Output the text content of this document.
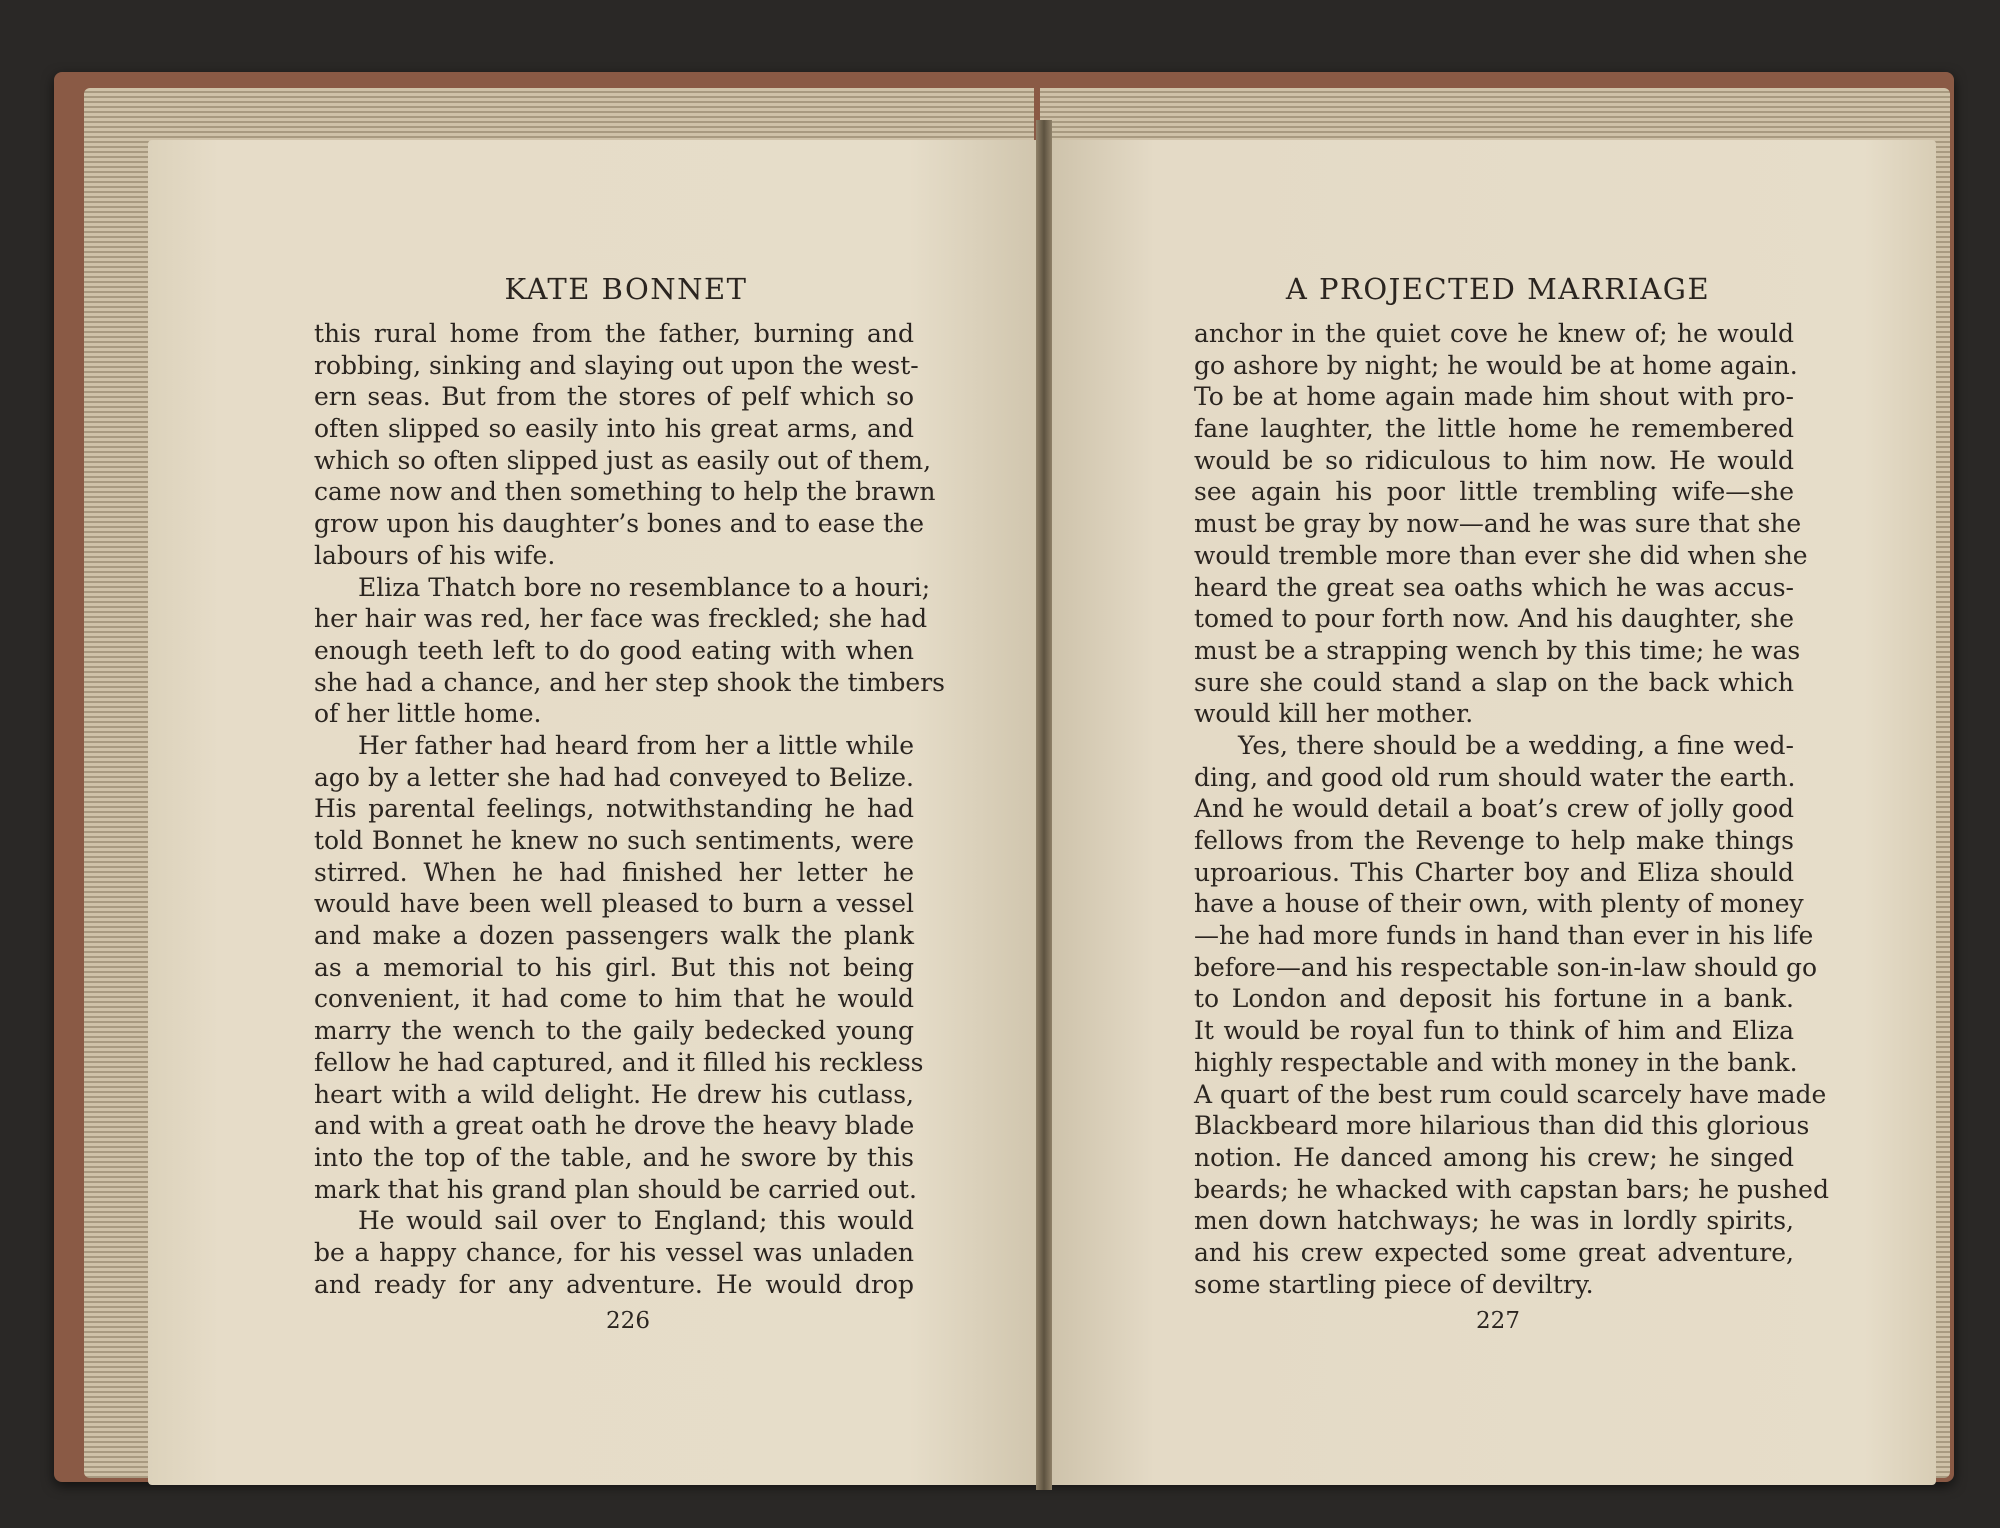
KATE BONNET
this rural home from the father, burning and
robbing, sinking and slaying out upon the west-
ern seas. But from the stores of pelf which so
often slipped so easily into his great arms, and
which so often slipped just as easily out of them,
came now and then something to help the brawn
grow upon his daughter’s bones and to ease the
labours of his wife.
Eliza Thatch bore no resemblance to a houri;
her hair was red, her face was freckled; she had
enough teeth left to do good eating with when
she had a chance, and her step shook the timbers
of her little home.
Her father had heard from her a little while
ago by a letter she had had conveyed to Belize.
His parental feelings, notwithstanding he had
told Bonnet he knew no such sentiments, were
stirred. When he had finished her letter he
would have been well pleased to burn a vessel
and make a dozen passengers walk the plank
as a memorial to his girl. But this not being
convenient, it had come to him that he would
marry the wench to the gaily bedecked young
fellow he had captured, and it filled his reckless
heart with a wild delight. He drew his cutlass,
and with a great oath he drove the heavy blade
into the top of the table, and he swore by this
mark that his grand plan should be carried out.
He would sail over to England; this would
be a happy chance, for his vessel was unladen
and ready for any adventure. He would drop
226
A PROJECTED MARRIAGE
anchor in the quiet cove he knew of; he would
go ashore by night; he would be at home again.
To be at home again made him shout with pro-
fane laughter, the little home he remembered
would be so ridiculous to him now. He would
see again his poor little trembling wife—she
must be gray by now—and he was sure that she
would tremble more than ever she did when she
heard the great sea oaths which he was accus-
tomed to pour forth now. And his daughter, she
must be a strapping wench by this time; he was
sure she could stand a slap on the back which
would kill her mother.
Yes, there should be a wedding, a fine wed-
ding, and good old rum should water the earth.
And he would detail a boat’s crew of jolly good
fellows from the Revenge to help make things
uproarious. This Charter boy and Eliza should
have a house of their own, with plenty of money
—he had more funds in hand than ever in his life
before—and his respectable son-in-law should go
to London and deposit his fortune in a bank.
It would be royal fun to think of him and Eliza
highly respectable and with money in the bank.
A quart of the best rum could scarcely have made
Blackbeard more hilarious than did this glorious
notion. He danced among his crew; he singed
beards; he whacked with capstan bars; he pushed
men down hatchways; he was in lordly spirits,
and his crew expected some great adventure,
some startling piece of deviltry.
227
